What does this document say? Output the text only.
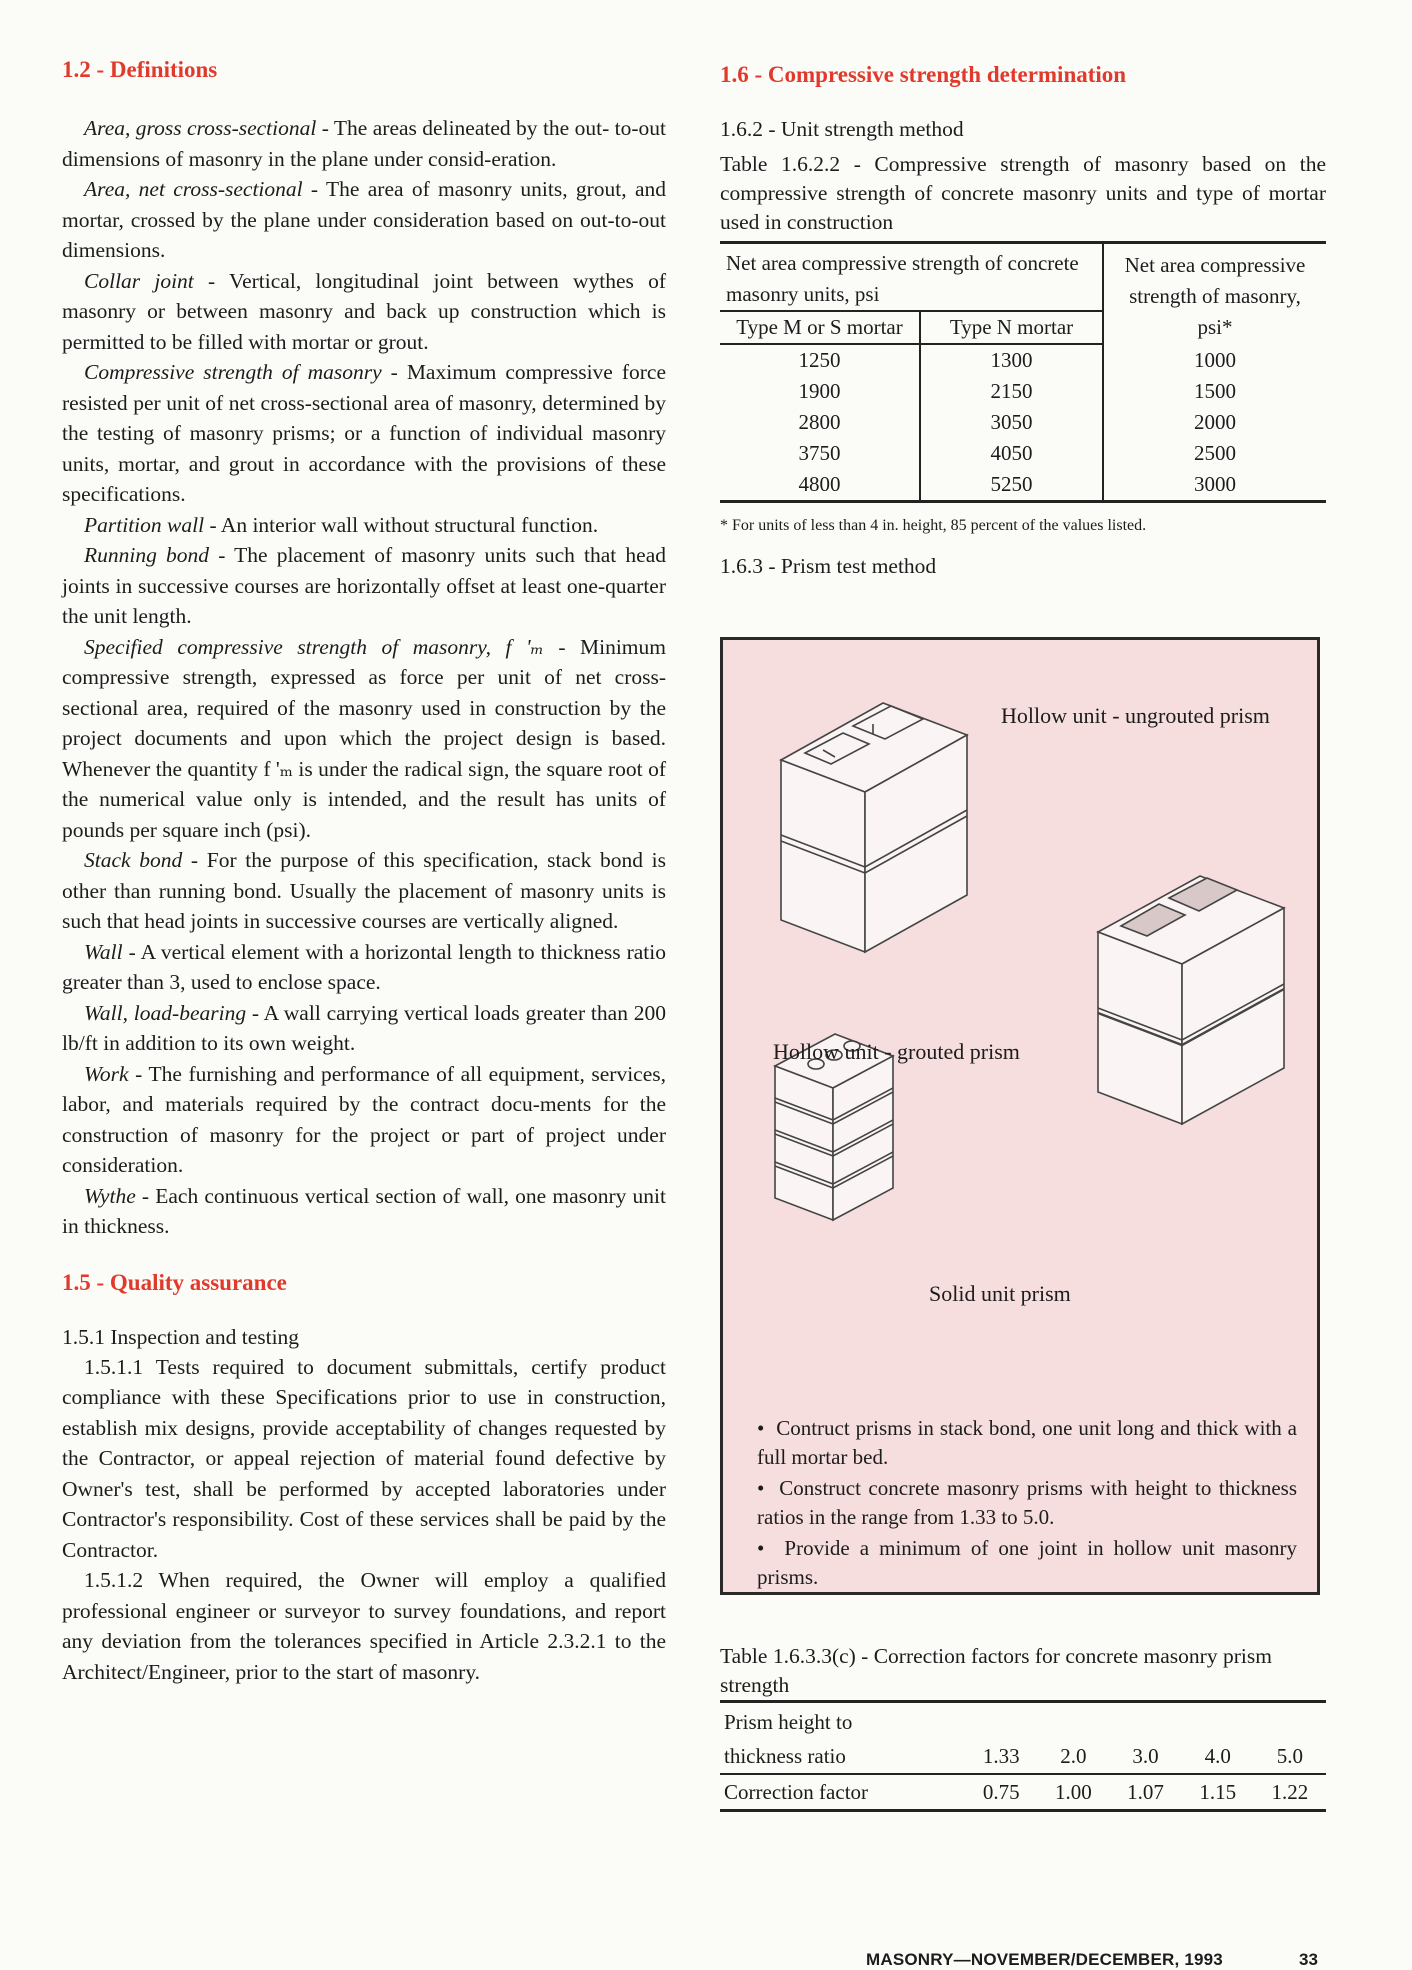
1.2 - Definitions

Area, gross cross-sectional - The areas delineated by the out- to-out dimensions of masonry in the plane under consid-eration.

Area, net cross-sectional - The area of masonry units, grout, and mortar, crossed by the plane under consideration based on out-to-out dimensions.

Collar joint - Vertical, longitudinal joint between wythes of masonry or between masonry and back up construction which is permitted to be filled with mortar or grout.

Compressive strength of masonry - Maximum compressive force resisted per unit of net cross-sectional area of masonry, determined by the testing of masonry prisms; or a function of individual masonry units, mortar, and grout in accordance with the provisions of these specifications.

Partition wall - An interior wall without structural function.

Running bond - The placement of masonry units such that head joints in successive courses are horizontally offset at least one-quarter the unit length.

Specified compressive strength of masonry, f 'ₘ - Minimum compressive strength, expressed as force per unit of net cross-sectional area, required of the masonry used in construction by the project documents and upon which the project design is based. Whenever the quantity f 'ₘ is under the radical sign, the square root of the numerical value only is intended, and the result has units of pounds per square inch (psi).

Stack bond - For the purpose of this specification, stack bond is other than running bond. Usually the placement of masonry units is such that head joints in successive courses are vertically aligned.

Wall - A vertical element with a horizontal length to thickness ratio greater than 3, used to enclose space.

Wall, load-bearing - A wall carrying vertical loads greater than 200 lb/ft in addition to its own weight.

Work - The furnishing and performance of all equipment, services, labor, and materials required by the contract docu-ments for the construction of masonry for the project or part of project under consideration.

Wythe - Each continuous vertical section of wall, one masonry unit in thickness.

1.5 - Quality assurance

1.5.1 Inspection and testing

1.5.1.1 Tests required to document submittals, certify product compliance with these Specifications prior to use in construction, establish mix designs, provide acceptability of changes requested by the Contractor, or appeal rejection of material found defective by Owner's test, shall be performed by accepted laboratories under Contractor's responsibility. Cost of these services shall be paid by the Contractor.

1.5.1.2 When required, the Owner will employ a qualified professional engineer or surveyor to survey foundations, and report any deviation from the tolerances specified in Article 2.3.2.1 to the Architect/Engineer, prior to the start of masonry.

1.6 - Compressive strength determination

1.6.2 - Unit strength method

Table 1.6.2.2 - Compressive strength of masonry based on the compressive strength of concrete masonry units and type of mortar used in construction

Net area compressive strength of concrete masonry units, psi		Net area compressive strength of masonry, psi*
Type M or S mortar	Type N mortar	
1250	1300	1000
1900	2150	1500
2800	3050	2000
3750	4050	2500
4800	5250	3000

* For units of less than 4 in. height, 85 percent of the values listed.

1.6.3 - Prism test method

Hollow unit - ungrouted prism
Hollow unit - grouted prism
Solid unit prism
•  Contruct prisms in stack bond, one unit long and thick with a full mortar bed.
•  Construct concrete masonry prisms with height to thickness ratios in the range from 1.33 to 5.0.
•  Provide a minimum of one joint in hollow unit masonry prisms.

Table 1.6.3.3(c) - Correction factors for concrete masonry prism strength

Prism height to					
thickness ratio	1.33	2.0	3.0	4.0	5.0
Correction factor	0.75	1.00	1.07	1.15	1.22
MASONRY—NOVEMBER/DECEMBER, 1993	33
